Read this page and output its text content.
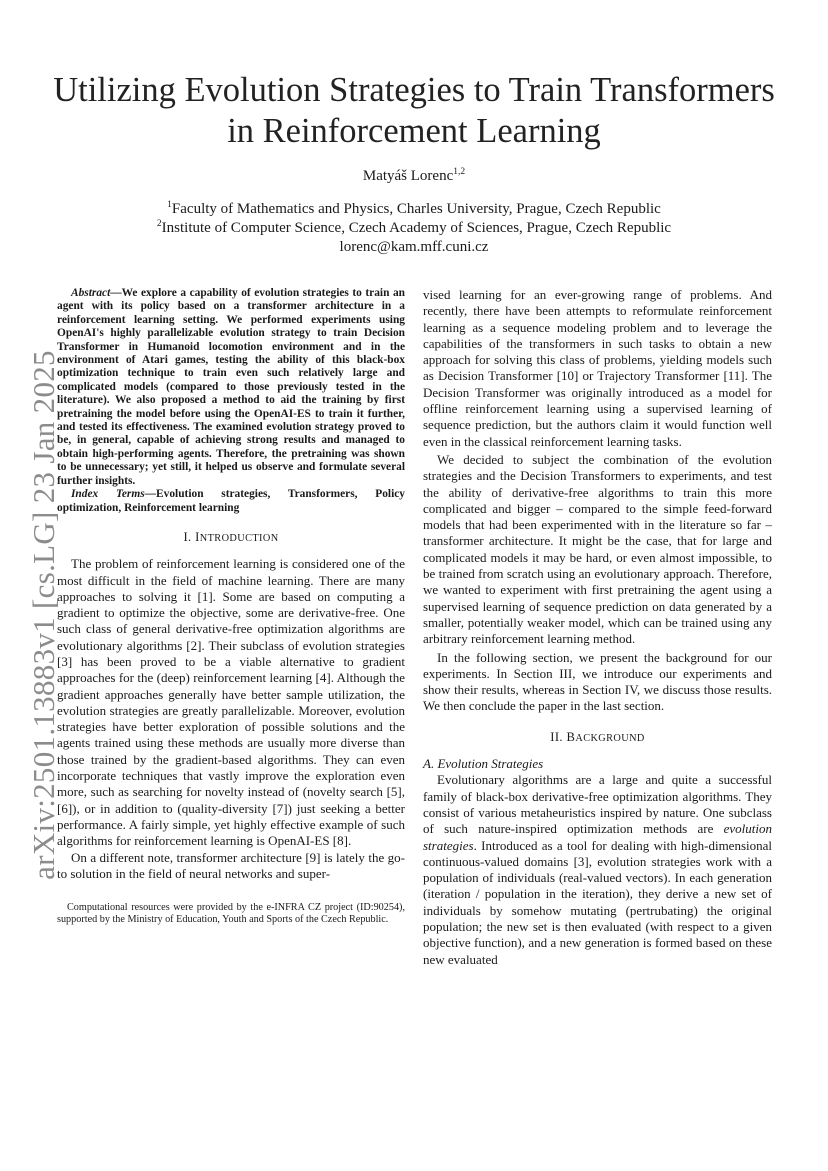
arXiv:2501.13883v1 [cs.LG] 23 Jan 2025
Utilizing Evolution Strategies to Train Transformers in Reinforcement Learning
Matyáš Lorenc$^{1,2}$
$^1$Faculty of Mathematics and Physics, Charles University, Prague, Czech Republic
$^2$Institute of Computer Science, Czech Academy of Sciences, Prague, Czech Republic
lorenc@kam.mff.cuni.cz

Abstract—We explore a capability of evolution strategies to train an agent with its policy based on a transformer architecture in a reinforcement learning setting. We performed experiments using OpenAI's highly parallelizable evolution strategy to train Decision Transformer in Humanoid locomotion environment and in the environment of Atari games, testing the ability of this black-box optimization technique to train even such relatively large and complicated models (compared to those previously tested in the literature). We also proposed a method to aid the training by first pretraining the model before using the OpenAI-ES to train it further, and tested its effectiveness. The examined evolution strategy proved to be, in general, capable of achieving strong results and managed to obtain high-performing agents. Therefore, the pretraining was shown to be unnecessary; yet still, it helped us observe and formulate several further insights.

Index Terms—Evolution strategies, Transformers, Policy optimization, Reinforcement learning

I. INTRODUCTION

The problem of reinforcement learning is considered one of the most difficult in the field of machine learning. There are many approaches to solving it [1]. Some are based on computing a gradient to optimize the objective, some are derivative-free. One such class of general derivative-free optimization algorithms are evolutionary algorithms [2]. Their subclass of evolution strategies [3] has been proved to be a viable alternative to gradient approaches for the (deep) reinforcement learning [4]. Although the gradient approaches generally have better sample utilization, the evolution strategies are greatly parallelizable. Moreover, evolution strategies have better exploration of possible solutions and the agents trained using these methods are usually more diverse than those trained by the gradient-based algorithms. They can even incorporate techniques that vastly improve the exploration even more, such as searching for novelty instead of (novelty search [5], [6]), or in addition to (quality-diversity [7]) just seeking a better performance. A fairly simple, yet highly effective example of such algorithms for reinforcement learning is OpenAI-ES [8].

On a different note, transformer architecture [9] is lately the go-to solution in the field of neural networks and super-

Computational resources were provided by the e-INFRA CZ project (ID:90254), supported by the Ministry of Education, Youth and Sports of the Czech Republic.

vised learning for an ever-growing range of problems. And recently, there have been attempts to reformulate reinforcement learning as a sequence modeling problem and to leverage the capabilities of the transformers in such tasks to obtain a new approach for solving this class of problems, yielding models such as Decision Transformer [10] or Trajectory Transformer [11]. The Decision Transformer was originally introduced as a model for offline reinforcement learning using a supervised learning of sequence prediction, but the authors claim it would function well even in the classical reinforcement learning tasks.

We decided to subject the combination of the evolution strategies and the Decision Transformers to experiments, and test the ability of derivative-free algorithms to train this more complicated and bigger – compared to the simple feed-forward models that had been experimented with in the literature so far – transformer architecture. It might be the case, that for large and complicated models it may be hard, or even almost impossible, to be trained from scratch using an evolutionary approach. Therefore, we wanted to experiment with first pretraining the agent using a supervised learning of sequence prediction on data generated by a smaller, potentially weaker model, which can be trained using any arbitrary reinforcement learning method.

In the following section, we present the background for our experiments. In Section III, we introduce our experiments and show their results, whereas in Section IV, we discuss those results. We then conclude the paper in the last section.

II. BACKGROUND

A. Evolution Strategies

Evolutionary algorithms are a large and quite a successful family of black-box derivative-free optimization algorithms. They consist of various metaheuristics inspired by nature. One subclass of such nature-inspired optimization methods are evolution strategies. Introduced as a tool for dealing with high-dimensional continuous-valued domains [3], evolution strategies work with a population of individuals (real-valued vectors). In each generation (iteration / population in the iteration), they derive a new set of individuals by somehow mutating (pertrubating) the original population; the new set is then evaluated (with respect to a given objective function), and a new generation is formed based on these new evaluated
